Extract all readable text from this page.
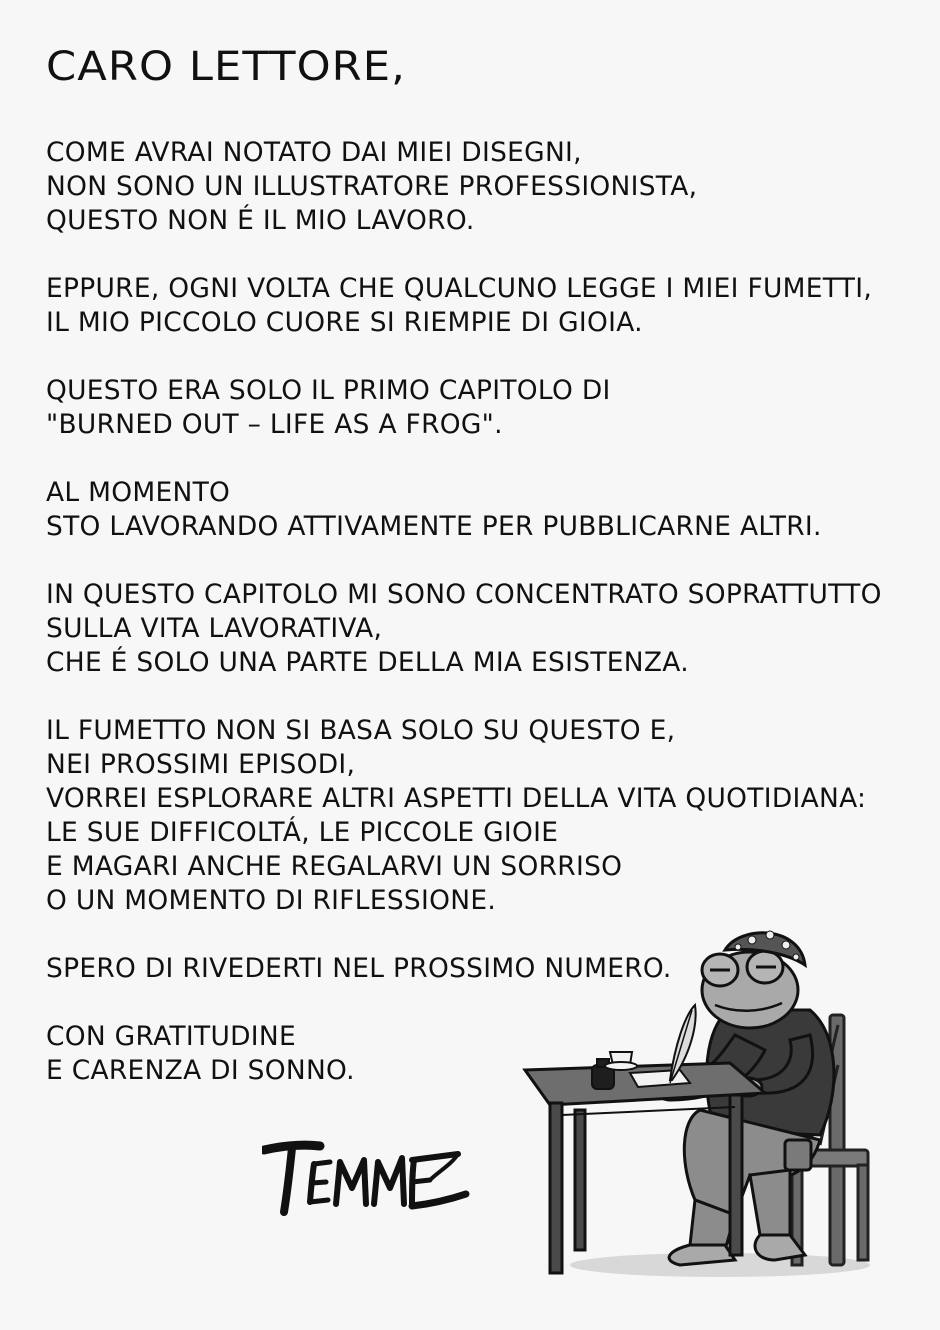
CARO LETTORE,
COME AVRAI NOTATO DAI MIEI DISEGNI,
NON SONO UN ILLUSTRATORE PROFESSIONISTA,
QUESTO NON É IL MIO LAVORO.
EPPURE, OGNI VOLTA CHE QUALCUNO LEGGE I MIEI FUMETTI,
IL MIO PICCOLO CUORE SI RIEMPIE DI GIOIA.
QUESTO ERA SOLO IL PRIMO CAPITOLO DI
"BURNED OUT – LIFE AS A FROG".
AL MOMENTO
STO LAVORANDO ATTIVAMENTE PER PUBBLICARNE ALTRI.
IN QUESTO CAPITOLO MI SONO CONCENTRATO SOPRATTUTTO
SULLA VITA LAVORATIVA,
CHE É SOLO UNA PARTE DELLA MIA ESISTENZA.
IL FUMETTO NON SI BASA SOLO SU QUESTO E,
NEI PROSSIMI EPISODI,
VORREI ESPLORARE ALTRI ASPETTI DELLA VITA QUOTIDIANA:
LE SUE DIFFICOLTÁ, LE PICCOLE GIOIE
E MAGARI ANCHE REGALARVI UN SORRISO
O UN MOMENTO DI RIFLESSIONE.
SPERO DI RIVEDERTI NEL PROSSIMO NUMERO.
CON GRATITUDINE
E CARENZA DI SONNO.
